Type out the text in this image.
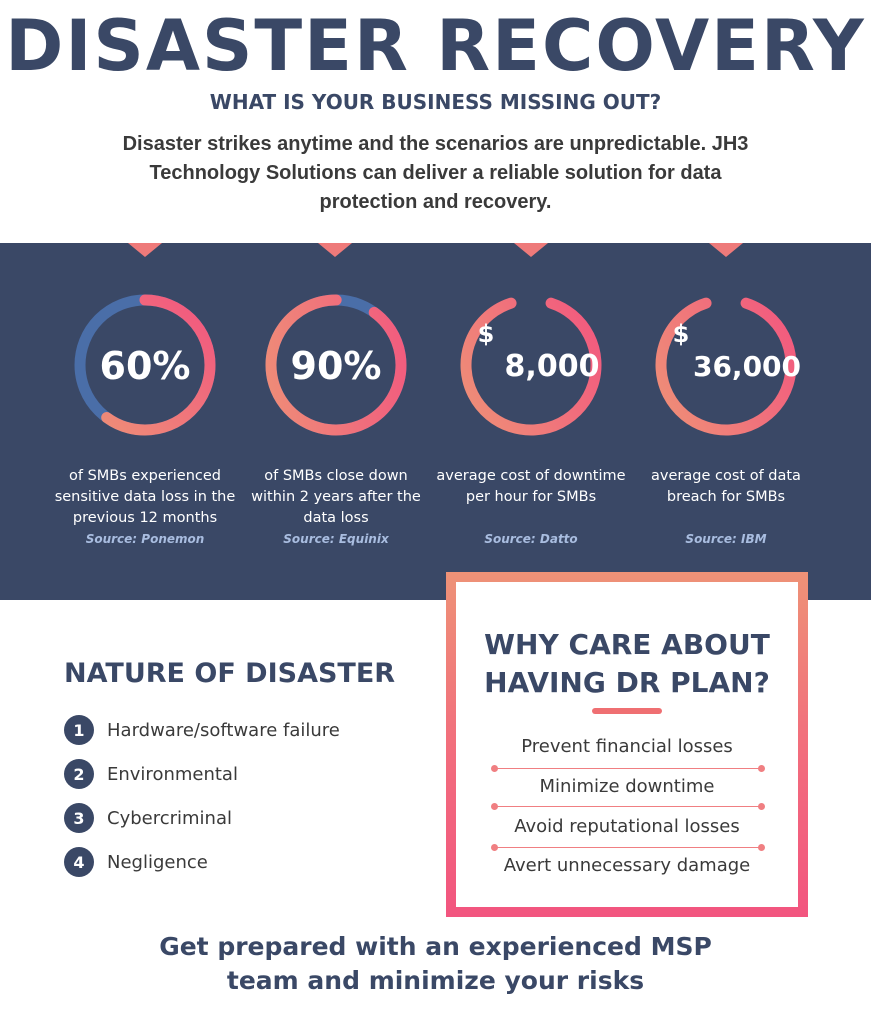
DISASTER RECOVERY
WHAT IS YOUR BUSINESS MISSING OUT?
Disaster strikes anytime and the scenarios are unpredictable. JH3 Technology Solutions can deliver a reliable solution for data protection and recovery.
60%
of SMBs experienced sensitive data loss in the previous 12 months
Source: Ponemon
90%
of SMBs close down within 2 years after the data loss
Source: Equinix
$
8,000
average cost of downtime per hour for SMBs
Source: Datto
$
36,000
average cost of data breach for SMBs
Source: IBM
NATURE OF DISASTER
1	Hardware/software failure
2	Environmental
3	Cybercriminal
4	Negligence
WHY CARE ABOUT
HAVING DR PLAN?
Prevent financial losses
Minimize downtime
Avoid reputational losses
Avert unnecessary damage
Get prepared with an experienced MSP
team and minimize your risks
